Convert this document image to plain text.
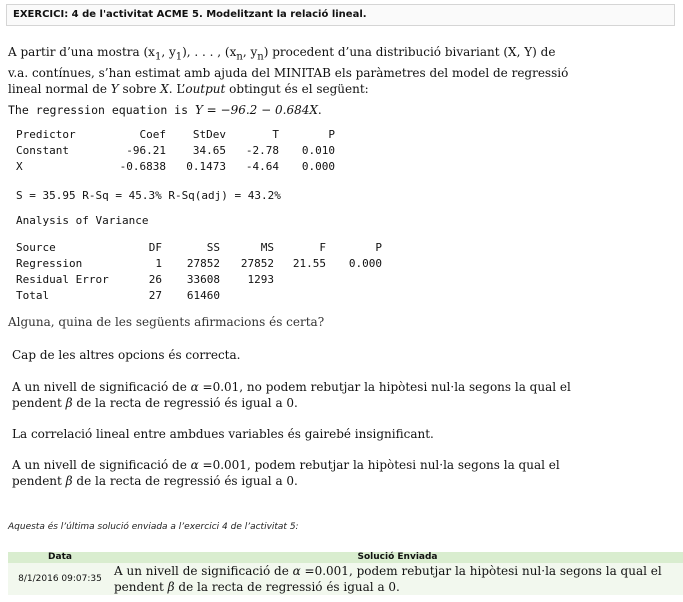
EXERCICI: 4 de l'activitat ACME 5. Modelitzant la relació lineal.
A partir d’una mostra ($x_1$, $y_1$), . . . , ($x_n$, $y_n$) procedent d’una distribució bivariant (X, Y) de v.a. contínues, s’han estimat amb ajuda del MINITAB els paràmetres del model de regressió lineal normal de Y sobre X. L’output obtingut és el següent:
The regression equation is Y = −96.2 − 0.684X.
Predictor	Coef	StDev	T	P
Constant	-96.21	34.65	-2.78	0.010
X	-0.6838	0.1473	-4.64	0.000
S = 35.95 R-Sq = 45.3% R-Sq(adj) = 43.2%
Analysis of Variance
Source	DF	SS	MS	F	P
Regression	1	27852	27852	21.55	0.000
Residual Error	26	33608	1293		
Total	27	61460			
Alguna, quina de les següents afirmacions és certa?
Cap de les altres opcions és correcta.
A un nivell de significació de α =0.01, no podem rebutjar la hipòtesi nul·la segons la qual el pendent β de la recta de regressió és igual a 0.
La correlació lineal entre ambdues variables és gairebé insignificant.
A un nivell de significació de α =0.001, podem rebutjar la hipòtesi nul·la segons la qual el pendent β de la recta de regressió és igual a 0.
Aquesta és l’última solució enviada a l’exercici 4 de l’activitat 5:
Data	Solució Enviada
8/1/2016 09:07:35	A un nivell de significació de α =0.001, podem rebutjar la hipòtesi nul·la segons la qual el pendent β de la recta de regressió és igual a 0.
